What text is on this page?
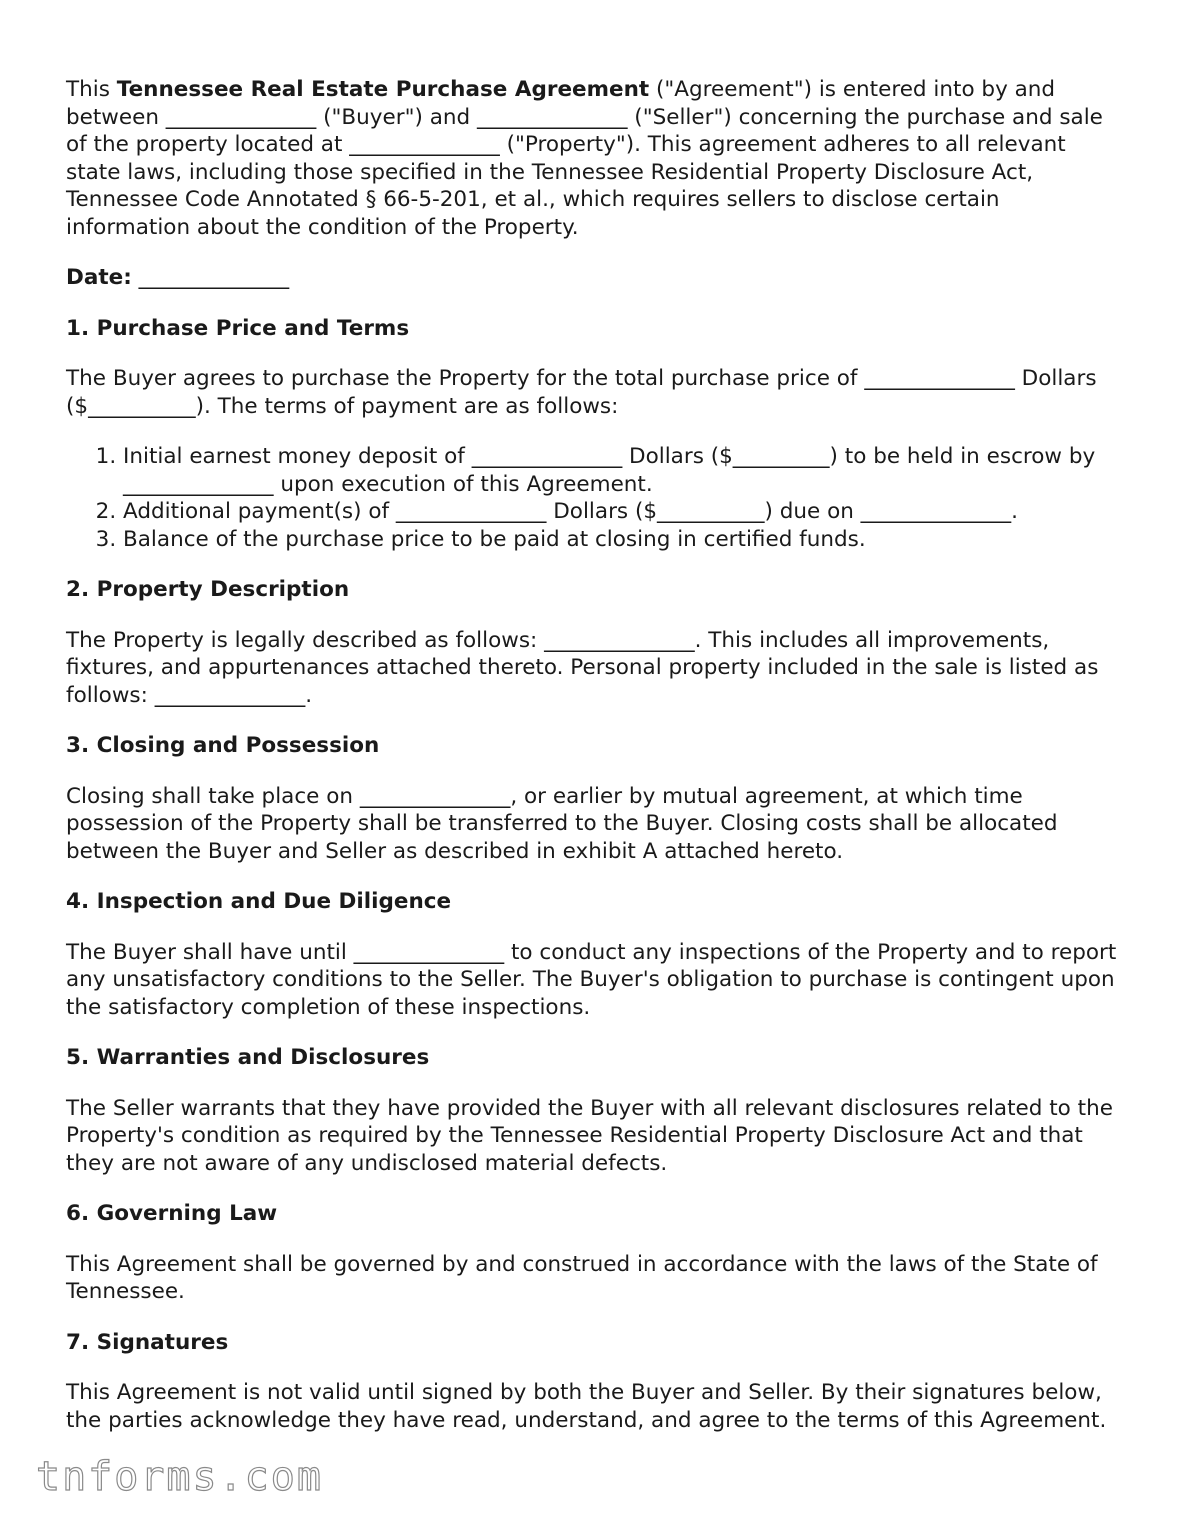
This Tennessee Real Estate Purchase Agreement ("Agreement") is entered into by and between ______________ ("Buyer") and ______________ ("Seller") concerning the purchase and sale of the property located at ______________ ("Property"). This agreement adheres to all relevant state laws, including those specified in the Tennessee Residential Property Disclosure Act, Tennessee Code Annotated § 66-5-201, et al., which requires sellers to disclose certain information about the condition of the Property.

Date: ______________
1. Purchase Price and Terms

The Buyer agrees to purchase the Property for the total purchase price of ______________ Dollars ($__________). The terms of payment are as follows:

1. Initial earnest money deposit of ______________ Dollars ($_________) to be held in escrow by ______________ upon execution of this Agreement.
2. Additional payment(s) of ______________ Dollars ($__________) due on ______________.
3. Balance of the purchase price to be paid at closing in certified funds.
2. Property Description

The Property is legally described as follows: ______________. This includes all improvements, fixtures, and appurtenances attached thereto. Personal property included in the sale is listed as follows: ______________.

3. Closing and Possession

Closing shall take place on ______________, or earlier by mutual agreement, at which time possession of the Property shall be transferred to the Buyer. Closing costs shall be allocated between the Buyer and Seller as described in exhibit A attached hereto.

4. Inspection and Due Diligence

The Buyer shall have until ______________ to conduct any inspections of the Property and to report any unsatisfactory conditions to the Seller. The Buyer's obligation to purchase is contingent upon the satisfactory completion of these inspections.

5. Warranties and Disclosures

The Seller warrants that they have provided the Buyer with all relevant disclosures related to the Property's condition as required by the Tennessee Residential Property Disclosure Act and that they are not aware of any undisclosed material defects.

6. Governing Law

This Agreement shall be governed by and construed in accordance with the laws of the State of Tennessee.

7. Signatures

This Agreement is not valid until signed by both the Buyer and Seller. By their signatures below, the parties acknowledge they have read, understand, and agree to the terms of this Agreement.

tnforms.com
